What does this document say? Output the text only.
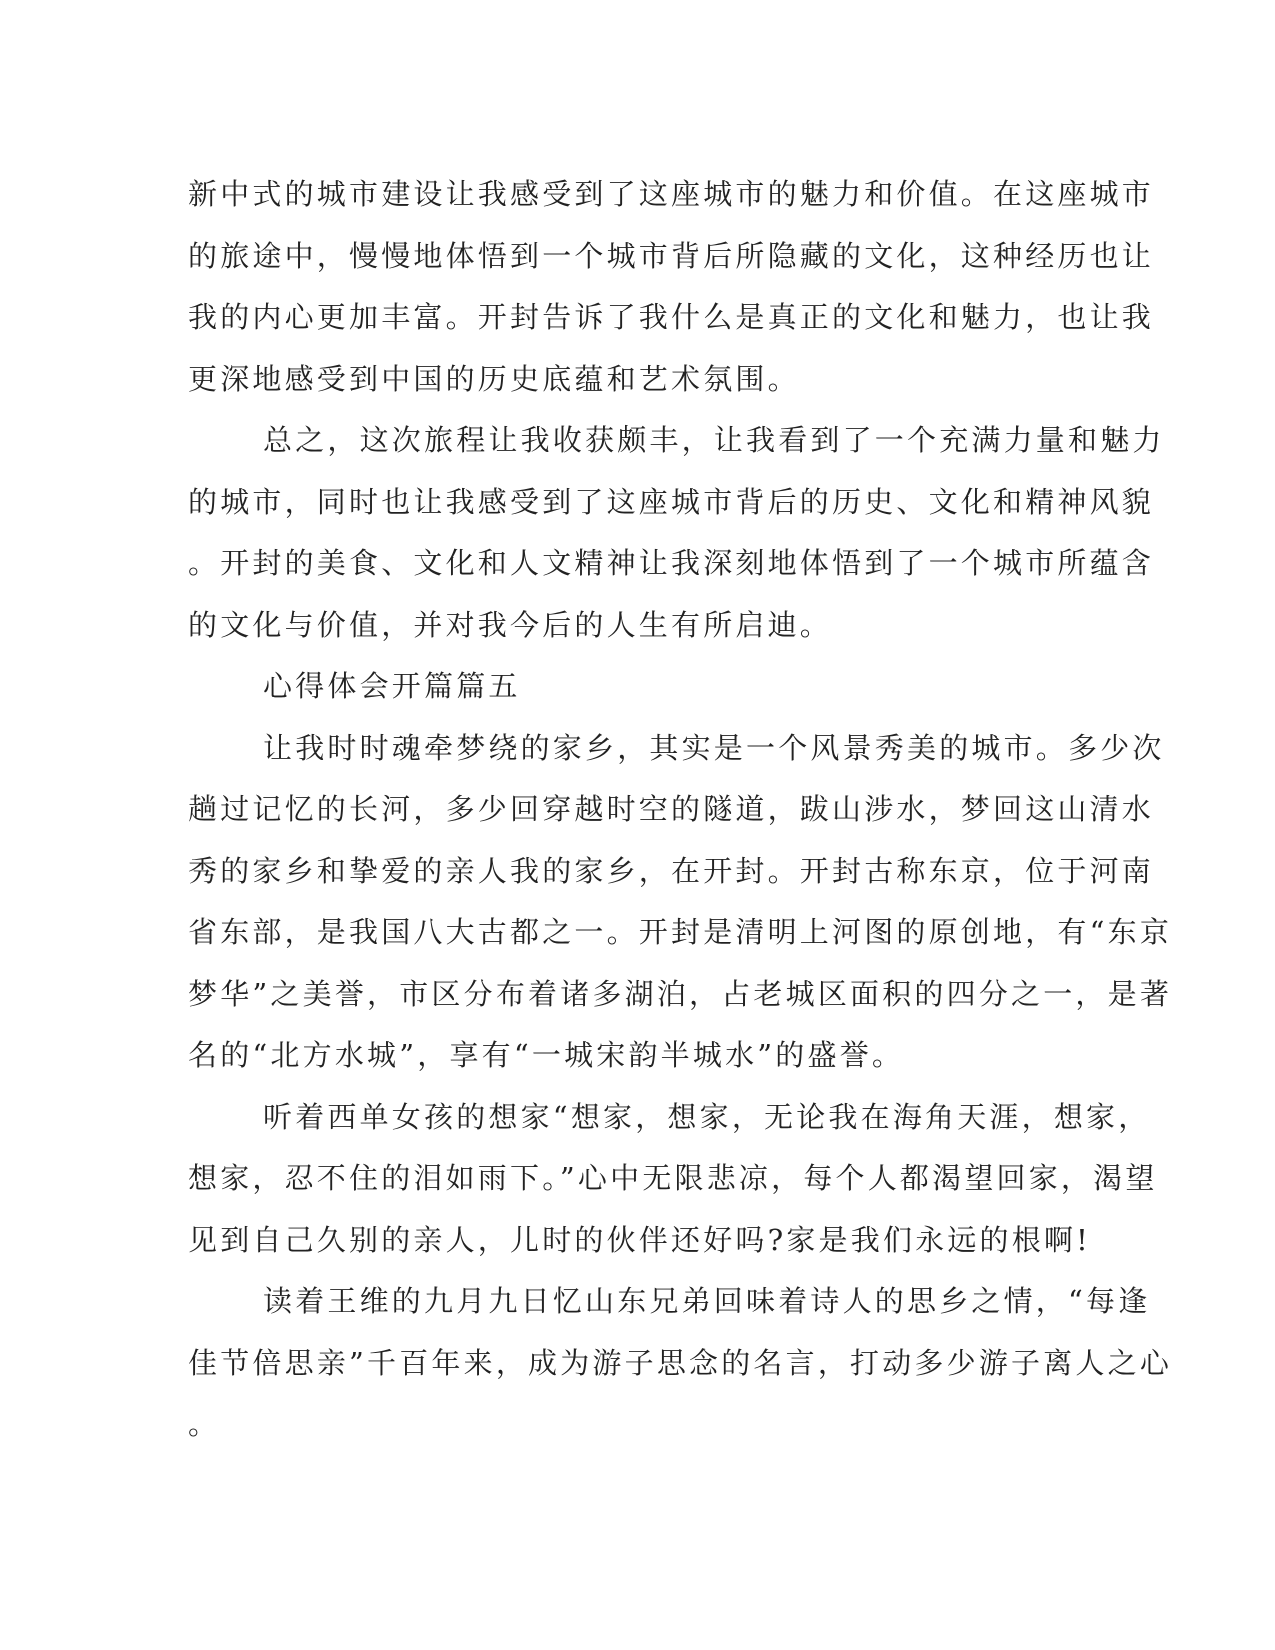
新中式的城市建设让我感受到了这座城市的魅力和价值。在这座城市
的旅途中，慢慢地体悟到一个城市背后所隐藏的文化，这种经历也让
我的内心更加丰富。开封告诉了我什么是真正的文化和魅力，也让我
更深地感受到中国的历史底蕴和艺术氛围。
总之，这次旅程让我收获颇丰，让我看到了一个充满力量和魅力
的城市，同时也让我感受到了这座城市背后的历史、文化和精神风貌
。开封的美食、文化和人文精神让我深刻地体悟到了一个城市所蕴含
的文化与价值，并对我今后的人生有所启迪。
心得体会开篇篇五
让我时时魂牵梦绕的家乡，其实是一个风景秀美的城市。多少次
趟过记忆的长河，多少回穿越时空的隧道，跋山涉水，梦回这山清水
秀的家乡和挚爱的亲人我的家乡，在开封。开封古称东京，位于河南
省东部，是我国八大古都之一。开封是清明上河图的原创地，有“东京
梦华”之美誉，市区分布着诸多湖泊，占老城区面积的四分之一，是著
名的“北方水城”，享有“一城宋韵半城水”的盛誉。
听着西单女孩的想家“想家，想家，无论我在海角天涯，想家，
想家，忍不住的泪如雨下。”心中无限悲凉，每个人都渴望回家，渴望
见到自己久别的亲人，儿时的伙伴还好吗?家是我们永远的根啊!
读着王维的九月九日忆山东兄弟回味着诗人的思乡之情，“每逢
佳节倍思亲”千百年来，成为游子思念的名言，打动多少游子离人之心
。
